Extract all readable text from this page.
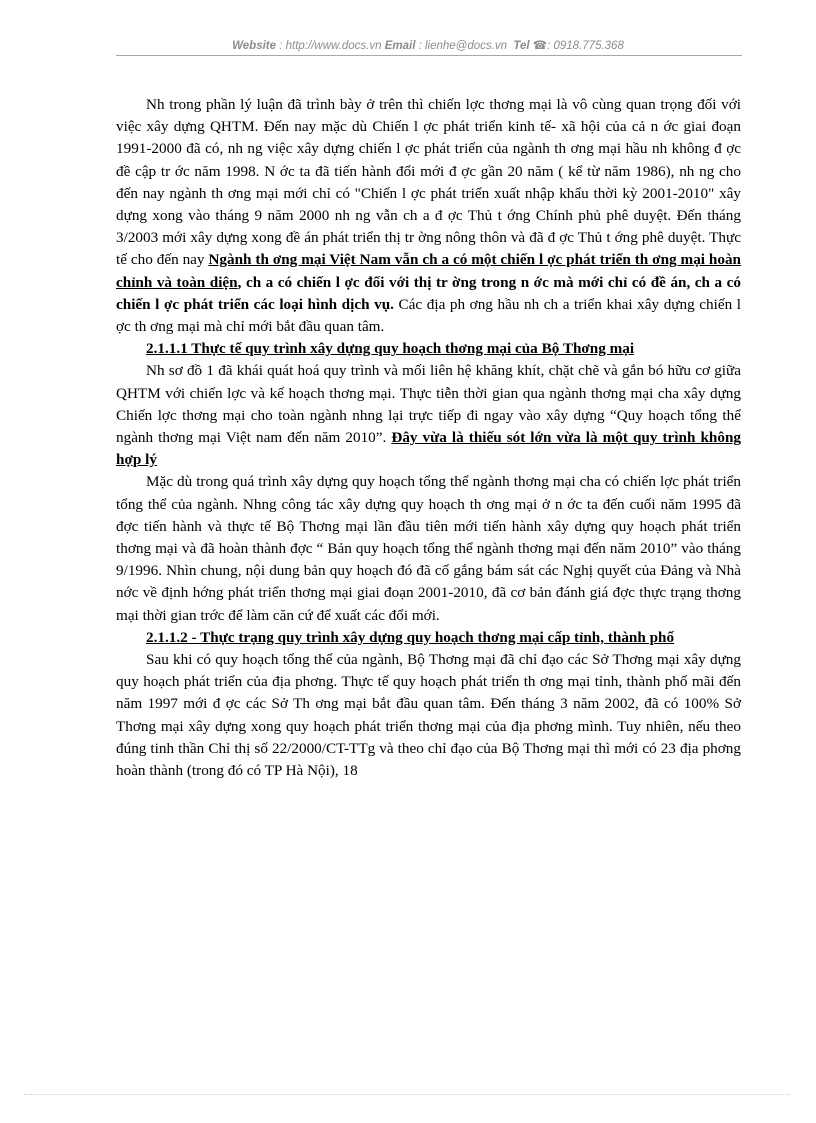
Website : http://www.docs.vn Email : lienhe@docs.vn Tel ☎: 0918.775.368

Nh trong phần lý luận đã trình bày ở trên thì chiến lợc thơng mại là vô cùng quan trọng đối với việc xây dựng QHTM. Đến nay mặc dù Chiến l ợc phát triển kinh tế- xã hội của cả n ớc giai đoạn 1991-2000 đã có, nh ng việc xây dựng chiến l ợc phát triển của ngành th ơng mại hầu nh không đ ợc đề cập tr ớc năm 1998. N ớc ta đã tiến hành đổi mới đ ợc gần 20 năm ( kể từ năm 1986), nh ng cho đến nay ngành th ơng mại mới chỉ có "Chiến l ợc phát triển xuất nhập khẩu thời kỳ 2001-2010" xây dựng xong vào tháng 9 năm 2000 nh ng vẫn ch a đ ợc Thủ t ớng Chính phủ phê duyệt. Đến tháng 3/2003 mới xây dựng xong đề án phát triển thị tr ờng nông thôn và đã đ ợc Thủ t ớng phê duyệt. Thực tế cho đến nay Ngành th ơng mại Việt Nam vẫn ch a có một chiến l ợc phát triển th ơng mại hoàn chỉnh và toàn diện, ch a có chiến l ợc đối với thị tr ờng trong n ớc mà mới chỉ có đề án, ch a có chiến l ợc phát triển các loại hình dịch vụ. Các địa ph ơng hầu nh ch a triển khai xây dựng chiến l ợc th ơng mại mà chỉ mới bắt đầu quan tâm.

2.1.1.1 Thực tế quy trình xây dựng quy hoạch thơng mại của Bộ Thơng mại

Nh sơ đồ 1 đã khái quát hoá quy trình và mối liên hệ khăng khít, chặt chẽ và gắn bó hữu cơ giữa QHTM với chiến lợc và kế hoạch thơng mại. Thực tiễn thời gian qua ngành thơng mại cha xây dựng Chiến lợc thơng mại cho toàn ngành nhng lại trực tiếp đi ngay vào xây dựng “Quy hoạch tổng thể ngành thơng mại Việt nam đến năm 2010”. Đây vừa là thiếu sót lớn vừa là một quy trình không hợp lý

Mặc dù trong quá trình xây dựng quy hoạch tổng thể ngành thơng mại cha có chiến lợc phát triển tổng thể của ngành. Nhng công tác xây dựng quy hoạch th ơng mại ở n ớc ta đến cuối năm 1995 đã đợc tiến hành và thực tế Bộ Thơng mại lần đầu tiên mới tiến hành xây dựng quy hoạch phát triển thơng mại và đã hoàn thành đợc “ Bản quy hoạch tổng thể ngành thơng mại đến năm 2010” vào tháng 9/1996. Nhìn chung, nội dung bản quy hoạch đó đã cố gắng bám sát các Nghị quyết của Đảng và Nhà nớc về định hớng phát triển thơng mại giai đoạn 2001-2010, đã cơ bản đánh giá đợc thực trạng thơng mại thời gian trớc để làm căn cứ để xuất các đổi mới.

2.1.1.2 - Thực trạng quy trình xây dựng quy hoạch thơng mại cấp tỉnh, thành phố

Sau khi có quy hoạch tổng thể của ngành, Bộ Thơng mại đã chỉ đạo các Sở Thơng mại xây dựng quy hoạch phát triển của địa phơng. Thực tế quy hoạch phát triển th ơng mại tỉnh, thành phố mãi đến năm 1997 mới đ ợc các Sở Th ơng mại bắt đầu quan tâm. Đến tháng 3 năm 2002, đã có 100% Sở Thơng mại xây dựng xong quy hoạch phát triển thơng mại của địa phơng mình. Tuy nhiên, nếu theo đúng tinh thần Chỉ thị số 22/2000/CT-TTg và theo chỉ đạo của Bộ Thơng mại thì mới có 23 địa phơng hoàn thành (trong đó có TP Hà Nội), 18
